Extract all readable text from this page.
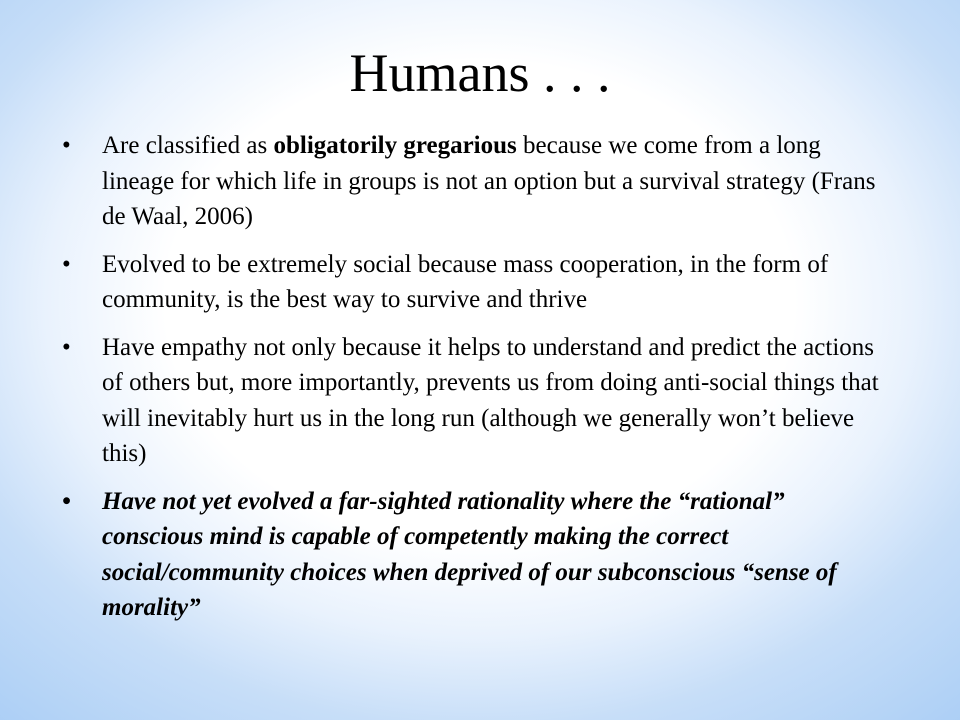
Humans . . .
•	Are classified as obligatorily gregarious because we come from a long lineage for which life in groups is not an option but a survival strategy (Frans de Waal, 2006)
•	Evolved to be extremely social because mass cooperation, in the form of community, is the best way to survive and thrive
•	Have empathy not only because it helps to understand and predict the actions of others but, more importantly, prevents us from doing anti-social things that will inevitably hurt us in the long run (although we generally won’t believe this)
•	Have not yet evolved a far-sighted rationality where the “rational” conscious mind is capable of competently making the correct social/community choices when deprived of our subconscious “sense of morality”
